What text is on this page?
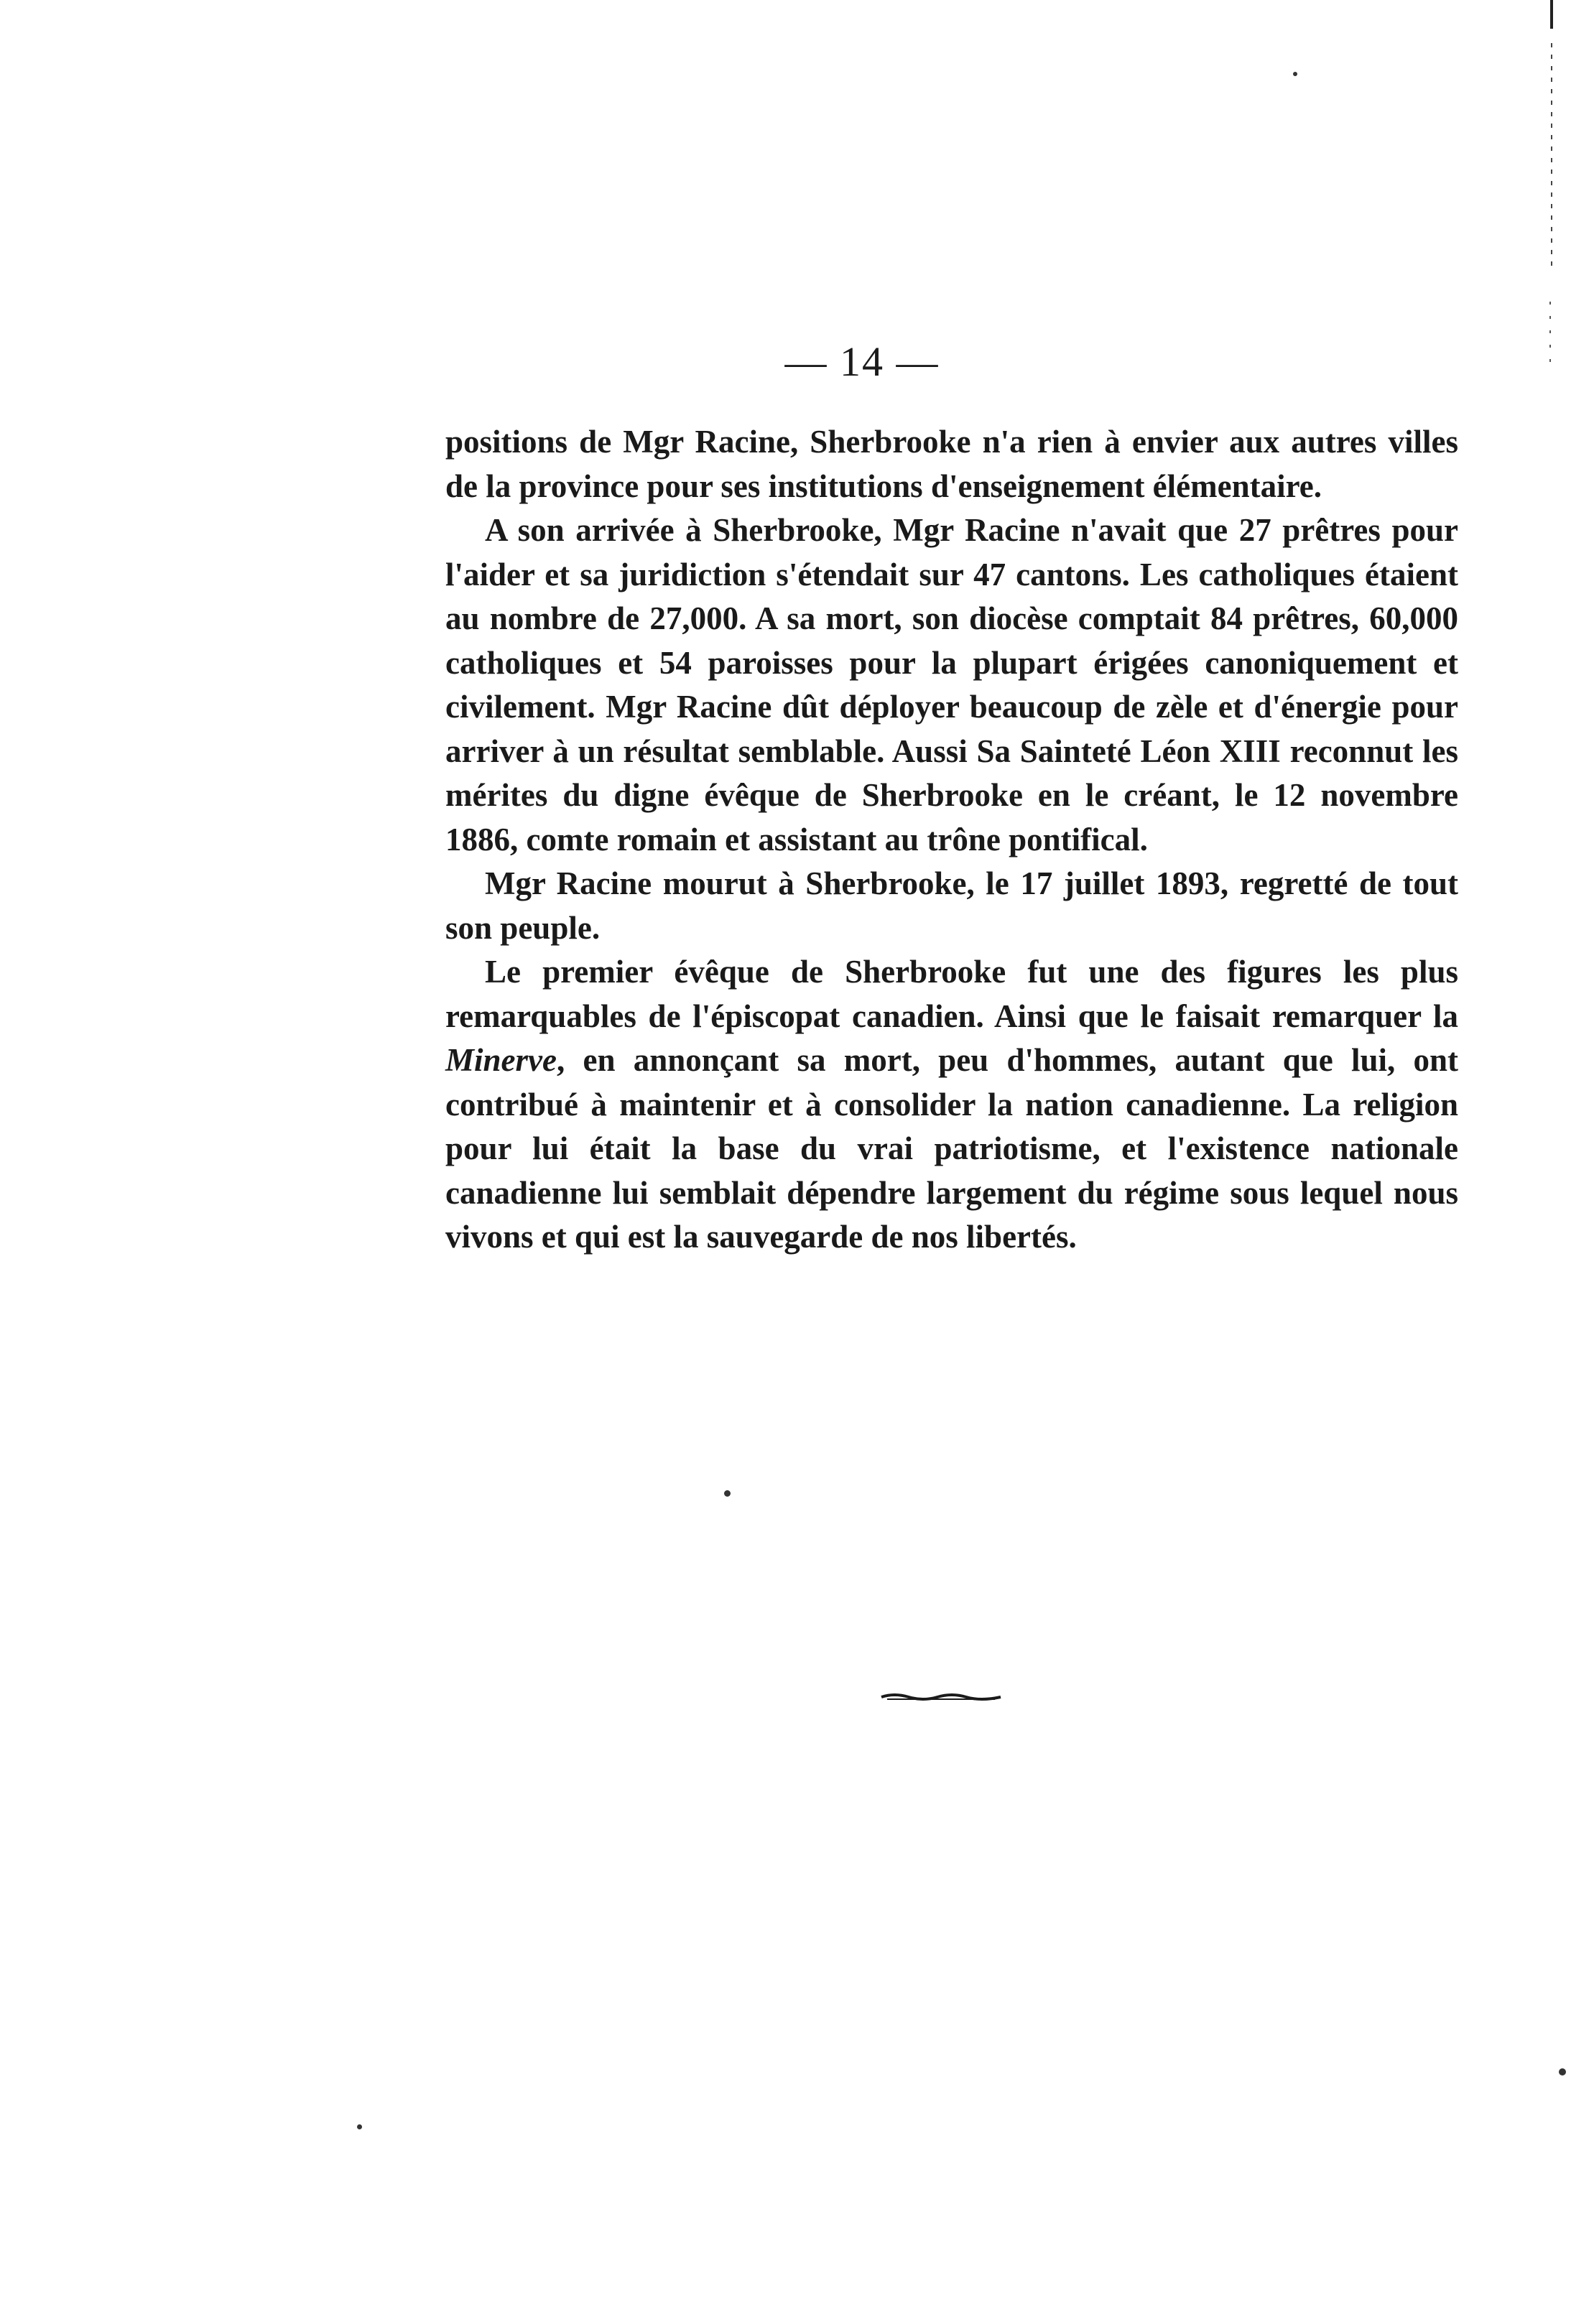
— 14 —

positions de Mgr Racine, Sherbrooke n'a rien à envier aux autres villes de la province pour ses institutions d'enseignement élémentaire.

A son arrivée à Sherbrooke, Mgr Racine n'avait que 27 prêtres pour l'aider et sa juridiction s'étendait sur 47 cantons. Les catholiques étaient au nombre de 27,000. A sa mort, son diocèse comptait 84 prêtres, 60,000 catholiques et 54 paroisses pour la plupart érigées canoniquement et civilement. Mgr Racine dût déployer beaucoup de zèle et d'énergie pour arriver à un résultat semblable. Aussi Sa Sainteté Léon XIII reconnut les mérites du digne évêque de Sherbrooke en le créant, le 12 novembre 1886, comte romain et assistant au trône pontifical.

Mgr Racine mourut à Sherbrooke, le 17 juillet 1893, regretté de tout son peuple.

Le premier évêque de Sherbrooke fut une des figures les plus remarquables de l'épiscopat canadien. Ainsi que le faisait remarquer la Minerve, en annonçant sa mort, peu d'hommes, autant que lui, ont contribué à maintenir et à consolider la nation canadienne. La religion pour lui était la base du vrai patriotisme, et l'existence nationale canadienne lui semblait dépendre largement du régime sous lequel nous vivons et qui est la sauvegarde de nos libertés.
